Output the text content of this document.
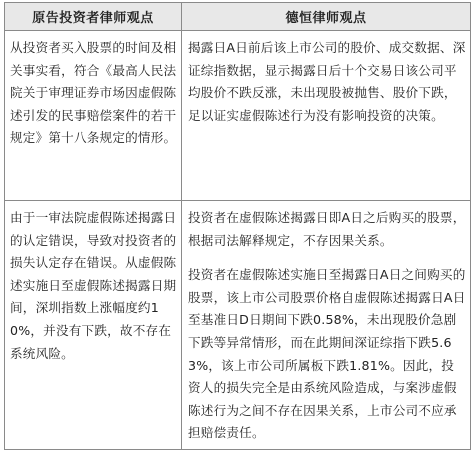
原告投资者律师观点	德恒律师观点

从投资者买入股票的时间及相关事实看，符合《最高人民法院关于审理证券市场因虚假陈述引发的民事赔偿案件的若干规定》第十八条规定的情形。	揭露日A日前后该上市公司的股价、成交数据、深证综指数据，显示揭露日后十个交易日该公司平均股价不跌反涨，未出现股被抛售、股价下跌，足以证实虚假陈述行为没有影响投资的决策。

由于一审法院虚假陈述揭露日的认定错误，导致对投资者的损失认定存在错误。从虚假陈述实施日至虚假陈述揭露日期间，深圳指数上涨幅度约10%，并没有下跌，故不存在系统风险。	投资者在虚假陈述揭露日即A日之后购买的股票，根据司法解释规定，不存因果关系。
投资者在虚假陈述实施日至揭露日A日之间购买的股票，该上市公司股票价格自虚假陈述揭露日A日至基准日D日期间下跌0.58%，未出现股价急剧下跌等异常情形，而在此期间深证综指下跌5.63%，该上市公司所属板下跌1.81%。因此，投资人的损失完全是由系统风险造成，与案涉虚假陈述行为之间不存在因果关系，上市公司不应承担赔偿责任。
